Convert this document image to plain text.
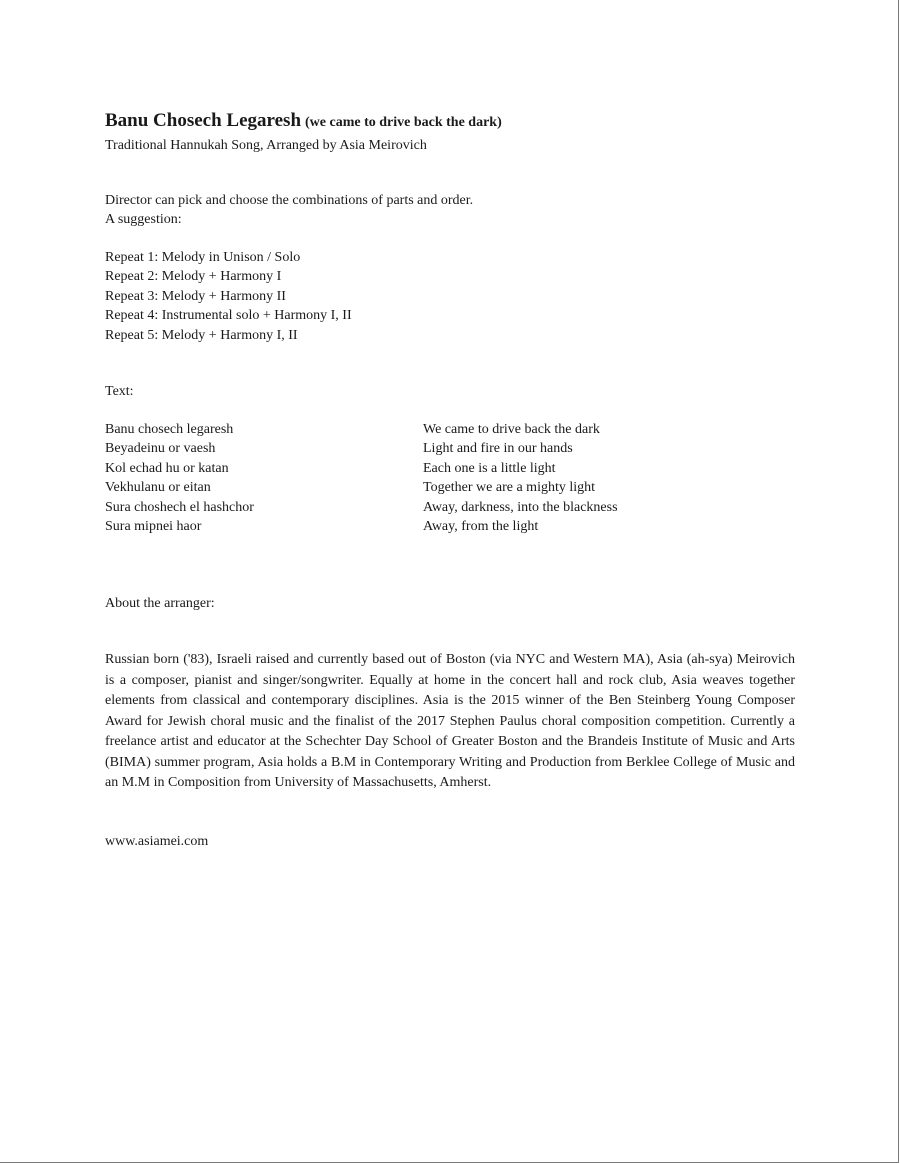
Banu Chosech Legaresh (we came to drive back the dark)
Traditional Hannukah Song, Arranged by Asia Meirovich
Director can pick and choose the combinations of parts and order.
A suggestion:
Repeat 1: Melody in Unison / Solo
Repeat 2: Melody + Harmony I
Repeat 3: Melody + Harmony II
Repeat 4: Instrumental solo + Harmony I, II
Repeat 5: Melody + Harmony I, II
Text:
Banu chosech legaresh
Beyadeinu or vaesh
Kol echad hu or katan
Vekhulanu or eitan
Sura choshech el hashchor
Sura mipnei haor
We came to drive back the dark
Light and fire in our hands
Each one is a little light
Together we are a mighty light
Away, darkness, into the blackness
Away, from the light
About the arranger:
Russian born ('83), Israeli raised and currently based out of Boston (via NYC and Western MA), Asia (ah-sya) Meirovich is a composer, pianist and singer/songwriter. Equally at home in the concert hall and rock club, Asia weaves together elements from classical and contemporary disciplines. Asia is the 2015 winner of the Ben Steinberg Young Composer Award for Jewish choral music and the finalist of the 2017 Stephen Paulus choral composition competition. Currently a freelance artist and educator at the Schechter Day School of Greater Boston and the Brandeis Institute of Music and Arts (BIMA) summer program, Asia holds a B.M in Contemporary Writing and Production from Berklee College of Music and an M.M in Composition from University of Massachusetts, Amherst.
www.asiamei.com
